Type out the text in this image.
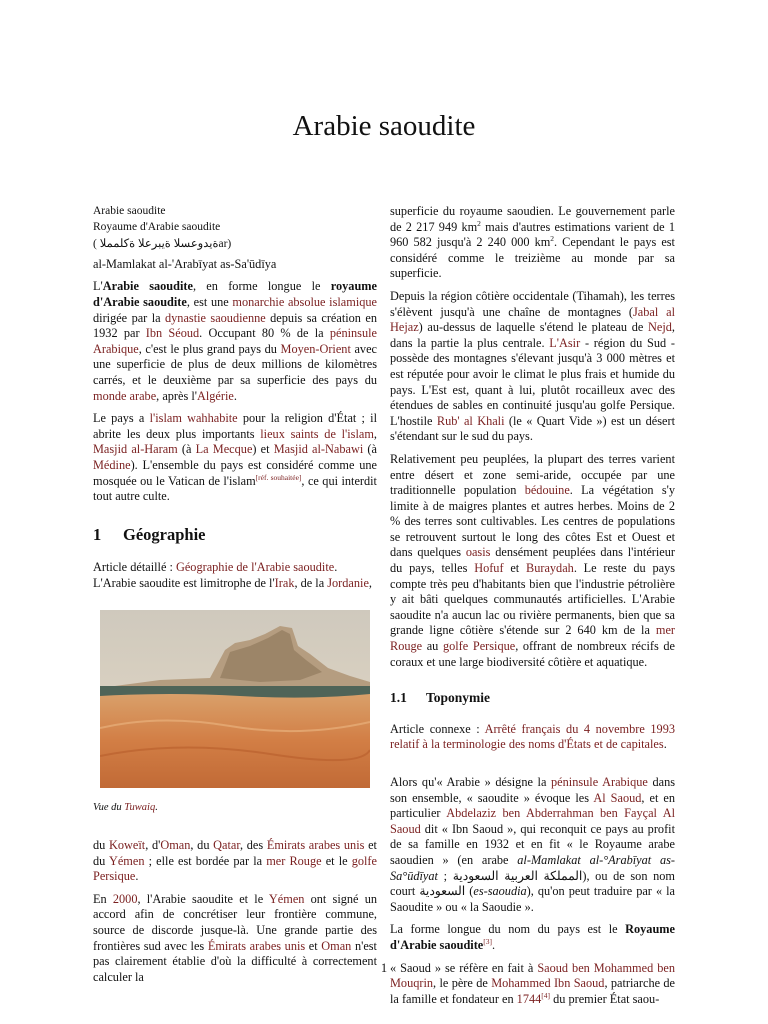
Arabie saoudite
Arabie saoudite
Royaume d'Arabie saoudite
( ةيدوعسلا ةيبرعلا ةكلمملاar)

al-Mamlakat al-'Arabīyat as-Sa'ūdīya

L'Arabie saoudite, en forme longue le royaume d'Arabie saoudite, est une monarchie absolue islamique dirigée par la dynastie saoudienne depuis sa création en 1932 par Ibn Séoud. Occupant 80 % de la péninsule Arabique, c'est le plus grand pays du Moyen-Orient avec une superficie de plus de deux millions de kilomètres carrés, et le deuxième par sa superficie des pays du monde arabe, après l'Algérie.

Le pays a l'islam wahhabite pour la religion d'État ; il abrite les deux plus importants lieux saints de l'islam, Masjid al-Haram (à La Mecque) et Masjid al-Nabawi (à Médine). L'ensemble du pays est considéré comme une mosquée ou le Vatican de l'islam[réf. souhaitée], ce qui interdit tout autre culte.

1 Géographie
Article détaillé : Géographie de l'Arabie saoudite.
L'Arabie saoudite est limitrophe de l'Irak, de la Jordanie,
Vue du Tuwaiq.

du Koweït, d'Oman, du Qatar, des Émirats arabes unis et du Yémen ; elle est bordée par la mer Rouge et le golfe Persique.

En 2000, l'Arabie saoudite et le Yémen ont signé un accord afin de concrétiser leur frontière commune, source de discorde jusque-là. Une grande partie des frontières sud avec les Émirats arabes unis et Oman n'est pas clairement établie d'où la difficulté à correctement calculer la

superficie du royaume saoudien. Le gouvernement parle de 2 217 949 $km^2$ mais d'autres estimations varient de 1 960 582 jusqu'à 2 240 000 $km^2$. Cependant le pays est considéré comme le treizième au monde par sa superficie.

Depuis la région côtière occidentale (Tihamah), les terres s'élèvent jusqu'à une chaîne de montagnes (Jabal al Hejaz) au-dessus de laquelle s'étend le plateau de Nejd, dans la partie la plus centrale. L'Asir - région du Sud - possède des montagnes s'élevant jusqu'à 3 000 mètres et est réputée pour avoir le climat le plus frais et humide du pays. L'Est est, quant à lui, plutôt rocailleux avec des étendues de sables en continuité jusqu'au golfe Persique. L'hostile Rub' al Khali (le « Quart Vide ») est un désert s'étendant sur le sud du pays.

Relativement peu peuplées, la plupart des terres varient entre désert et zone semi-aride, occupée par une traditionnelle population bédouine. La végétation s'y limite à de maigres plantes et autres herbes. Moins de 2 % des terres sont cultivables. Les centres de populations se retrouvent surtout le long des côtes Est et Ouest et dans quelques oasis densément peuplées dans l'intérieur du pays, telles Hofuf et Buraydah. Le reste du pays compte très peu d'habitants bien que l'industrie pétrolière y ait bâti quelques communautés artificielles. L'Arabie saoudite n'a aucun lac ou rivière permanents, bien que sa grande ligne côtière s'étende sur 2 640 km de la mer Rouge au golfe Persique, offrant de nombreux récifs de coraux et une large biodiversité côtière et aquatique.

1.1 Toponymie

Article connexe : Arrêté français du 4 novembre 1993 relatif à la terminologie des noms d'États et de capitales.

Alors qu'« Arabie » désigne la péninsule Arabique dans son ensemble, « saoudite » évoque les Al Saoud, et en particulier Abdelaziz ben Abderrahman ben Fayçal Al Saoud dit « Ibn Saoud », qui reconquit ce pays au profit de sa famille en 1932 et en fit « le Royaume arabe saoudien » (en arabe al-Mamlakat al-°Arabīyat as-Sa°ūdīyat ; المملكة العربية السعودية), ou de son nom court السعودية (es-saoudia), qu'on peut traduire par « la Saoudite » ou « la Saoudie ».

La forme longue du nom du pays est le Royaume d'Arabie saoudite[3].

« Saoud » se réfère en fait à Saoud ben Mohammed ben Mouqrin, le père de Mohammed Ibn Saoud, patriarche de la famille et fondateur en 1744[4] du premier État saou-

1
